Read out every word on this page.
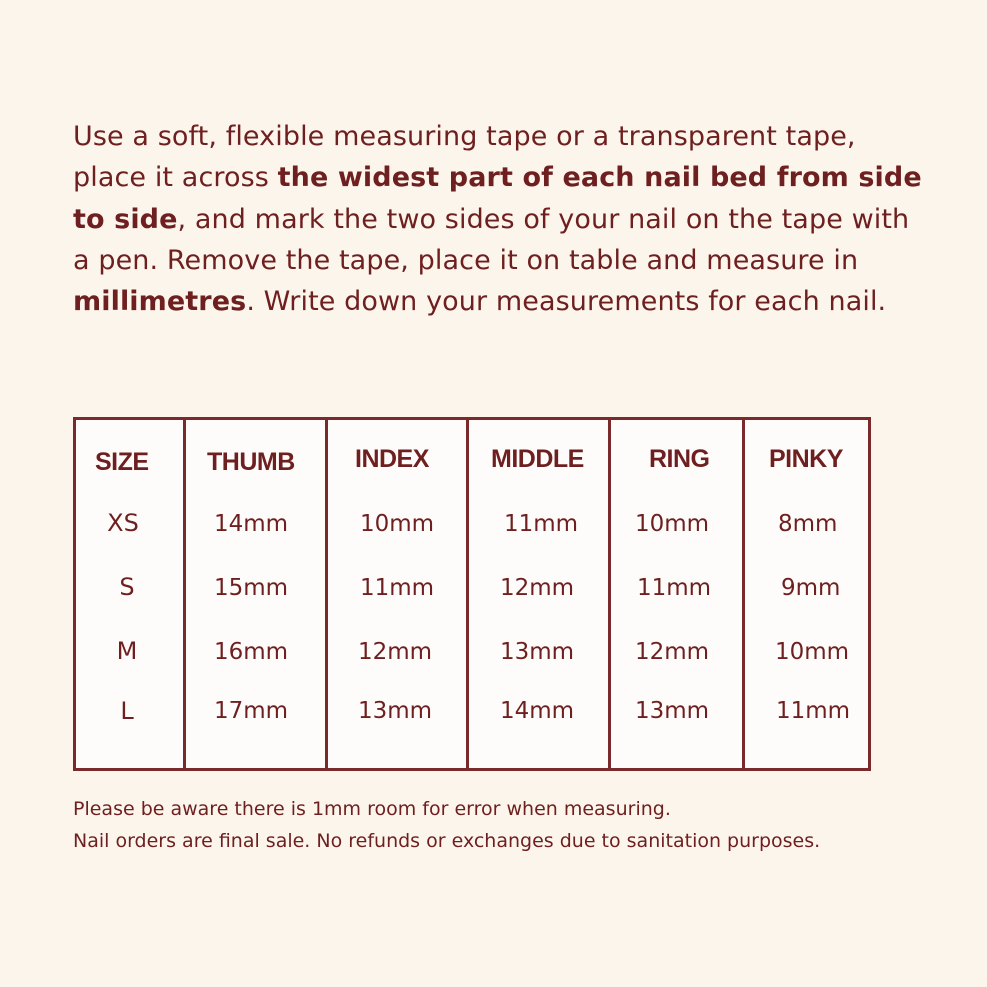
Use a soft, flexible measuring tape or a transparent tape, place it across the widest part of each nail bed from side to side, and mark the two sides of your nail on the tape with a pen. Remove the tape, place it on table and measure in millimetres. Write down your measurements for each nail.

SIZE THUMB INDEX MIDDLE	RING PINKY
XS	14mm	10mm	11mm 10mm	8mm
S	15mm	11mm	12mm	11mm	9mm
M	16mm	12mm	13mm	12mm	10mm
L	17mm	13mm	14mm	13mm	11mm

Please be aware there is 1mm room for error when measuring.

Nail orders are final sale. No refunds or exchanges due to sanitation purposes.
